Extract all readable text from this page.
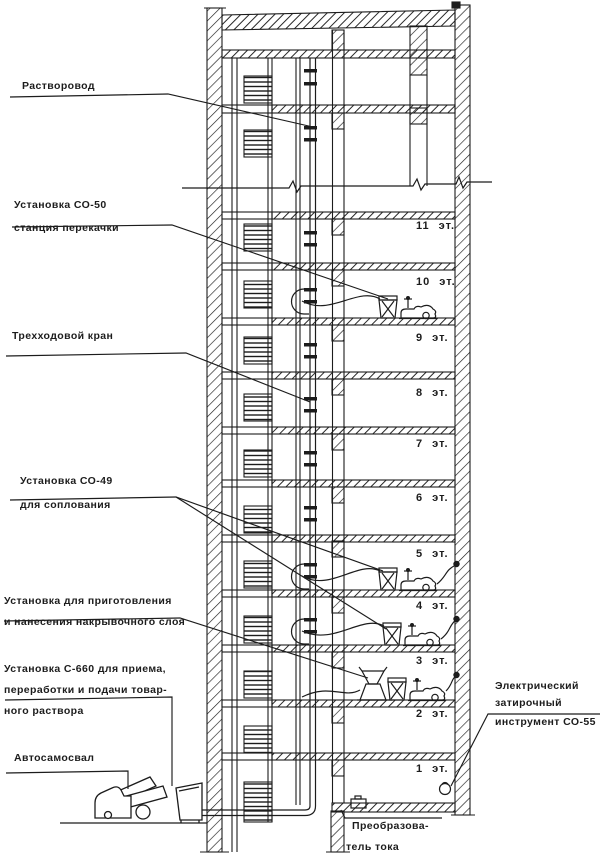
Растворовод
Установка СО-50
станция перекачки
Трехходовой кран
Установка СО-49
для соплования
Установка для приготовления
и нанесения накрывочного слоя
Установка С-660 для приема,
переработки и подачи товар-
ного раствора
Автосамосвал
Электрический
затирочный
инструмент СО-55
Преобразова-
тель тока
11 эт.
10 эт.
9 эт.
8 эт.
7 эт.
6 эт.
5 эт.
4 эт.
3 эт.
2 эт.
1 эт.
